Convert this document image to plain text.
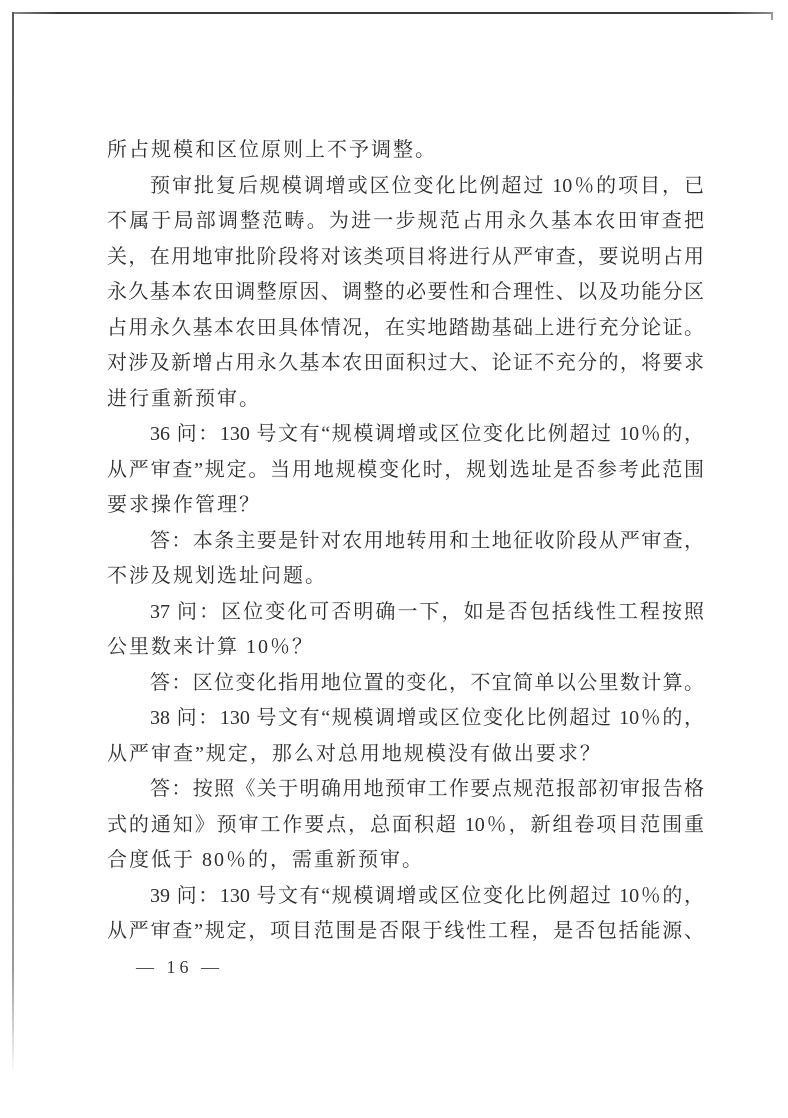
所占规模和区位原则上不予调整。

预审批复后规模调增或区位变化比例超过 10％的项目，已

不属于局部调整范畴。为进一步规范占用永久基本农田审查把

关，在用地审批阶段将对该类项目将进行从严审查，要说明占用

永久基本农田调整原因、调整的必要性和合理性、以及功能分区

占用永久基本农田具体情况，在实地踏勘基础上进行充分论证。

对涉及新增占用永久基本农田面积过大、论证不充分的，将要求

进行重新预审。

36 问：130 号文有“规模调增或区位变化比例超过 10％的，

从严审查”规定。当用地规模变化时，规划选址是否参考此范围

要求操作管理？

答：本条主要是针对农用地转用和土地征收阶段从严审查，

不涉及规划选址问题。

37 问：区位变化可否明确一下，如是否包括线性工程按照

公里数来计算 10％？

答：区位变化指用地位置的变化，不宜简单以公里数计算。

38 问：130 号文有“规模调增或区位变化比例超过 10％的，

从严审查”规定，那么对总用地规模没有做出要求？

答：按照《关于明确用地预审工作要点规范报部初审报告格

式的通知》预审工作要点，总面积超 10％，新组卷项目范围重

合度低于 80％的，需重新预审。

39 问：130 号文有“规模调增或区位变化比例超过 10％的，

从严审查”规定，项目范围是否限于线性工程，是否包括能源、

— 16 —
